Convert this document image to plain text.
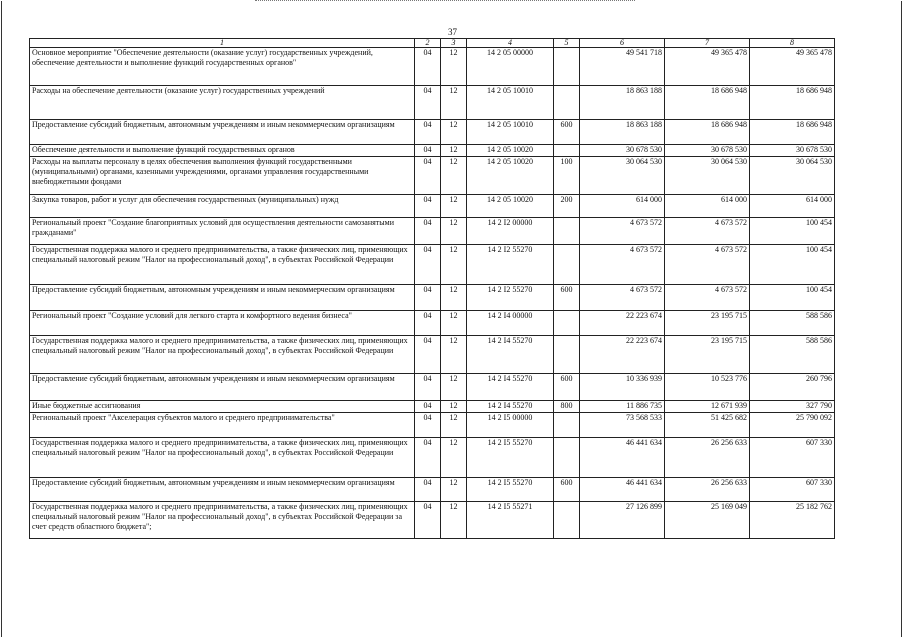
37
1	2	3	4	5	6	7	8
Основное мероприятие "Обеспечение деятельности (оказание услуг) государственных учреждений, обеспечение деятельности и выполнение функций государственных органов"	04	12	14 2 05 00000		49 541 718	49 365 478	49 365 478
Расходы на обеспечение деятельности (оказание услуг) государственных учреждений	04	12	14 2 05 10010		18 863 188	18 686 948	18 686 948
Предоставление субсидий бюджетным, автономным учреждениям и иным некоммерческим организациям	04	12	14 2 05 10010	600	18 863 188	18 686 948	18 686 948
Обеспечение деятельности и выполнение функций государственных органов	04	12	14 2 05 10020		30 678 530	30 678 530	30 678 530
Расходы на выплаты персоналу в целях обеспечения выполнения функций государственными (муниципальными) органами, казенными учреждениями, органами управления государственными внебюджетными фондами	04	12	14 2 05 10020	100	30 064 530	30 064 530	30 064 530
Закупка товаров, работ и услуг для обеспечения государственных (муниципальных) нужд	04	12	14 2 05 10020	200	614 000	614 000	614 000
Региональный проект "Создание благоприятных условий для осуществления деятельности самозанятыми гражданами"	04	12	14 2 I2 00000		4 673 572	4 673 572	100 454
Государственная поддержка малого и среднего предпринимательства, а также физических лиц, применяющих специальный налоговый режим "Налог на профессиональный доход", в субъектах Российской Федерации	04	12	14 2 I2 55270		4 673 572	4 673 572	100 454
Предоставление субсидий бюджетным, автономным учреждениям и иным некоммерческим организациям	04	12	14 2 I2 55270	600	4 673 572	4 673 572	100 454
Региональный проект "Создание условий для легкого старта и комфортного ведения бизнеса"	04	12	14 2 I4 00000		22 223 674	23 195 715	588 586
Государственная поддержка малого и среднего предпринимательства, а также физических лиц, применяющих специальный налоговый режим "Налог на профессиональный доход", в субъектах Российской Федерации	04	12	14 2 I4 55270		22 223 674	23 195 715	588 586
Предоставление субсидий бюджетным, автономным учреждениям и иным некоммерческим организациям	04	12	14 2 I4 55270	600	10 336 939	10 523 776	260 796
Иные бюджетные ассигнования	04	12	14 2 I4 55270	800	11 886 735	12 671 939	327 790
Региональный проект "Акселерация субъектов малого и среднего предпринимательства"	04	12	14 2 I5 00000		73 568 533	51 425 682	25 790 092
Государственная поддержка малого и среднего предпринимательства, а также физических лиц, применяющих специальный налоговый режим "Налог на профессиональный доход", в субъектах Российской Федерации	04	12	14 2 I5 55270		46 441 634	26 256 633	607 330
Предоставление субсидий бюджетным, автономным учреждениям и иным некоммерческим организациям	04	12	14 2 I5 55270	600	46 441 634	26 256 633	607 330
Государственная поддержка малого и среднего предпринимательства, а также физических лиц, применяющих специальный налоговый режим "Налог на профессиональный доход", в субъектах Российской Федерации за счет средств областного бюджета";	04	12	14 2 I5 55271		27 126 899	25 169 049	25 182 762
